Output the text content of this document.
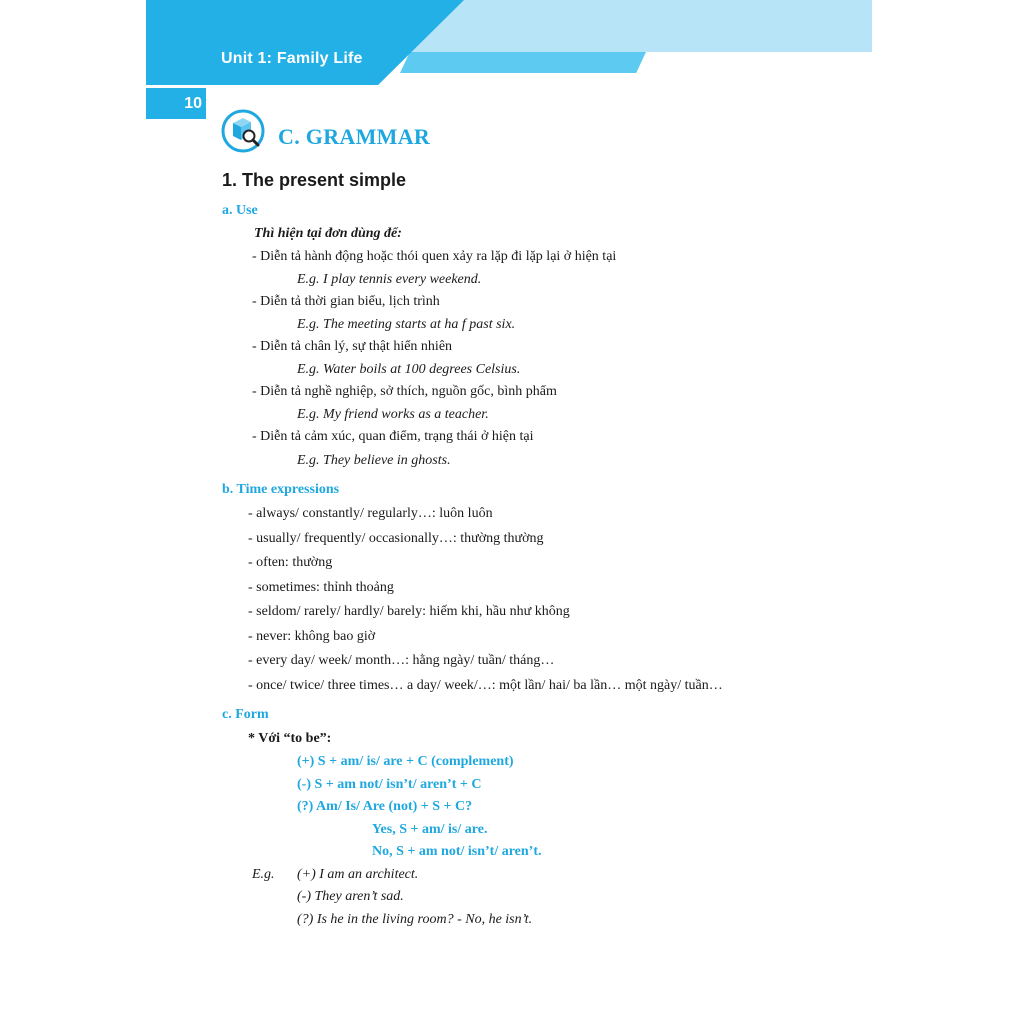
Unit 1: Family Life
10
C. GRAMMAR
1. The present simple
a. Use
Thì hiện tại đơn dùng để:
- Diễn tả hành động hoặc thói quen xảy ra lặp đi lặp lại ở hiện tại
E.g. I play tennis every weekend.
- Diễn tả thời gian biểu, lịch trình
E.g. The meeting starts at ha f past six.
- Diễn tả chân lý, sự thật hiển nhiên
E.g. Water boils at 100 degrees Celsius.
- Diễn tả nghề nghiệp, sở thích, nguồn gốc, bình phẩm
E.g. My friend works as a teacher.
- Diễn tả cảm xúc, quan điểm, trạng thái ở hiện tại
E.g. They believe in ghosts.
b. Time expressions
- always/ constantly/ regularly…: luôn luôn
- usually/ frequently/ occasionally…: thường thường
- often: thường
- sometimes: thỉnh thoảng
- seldom/ rarely/ hardly/ barely: hiếm khi, hầu như không
- never: không bao giờ
- every day/ week/ month…: hằng ngày/ tuần/ tháng…
- once/ twice/ three times… a day/ week/…: một lần/ hai/ ba lần… một ngày/ tuần…
c. Form
* Với “to be”:
(+) S + am/ is/ are + C (complement)
(-) S + am not/ isn’t/ aren’t + C
(?) Am/ Is/ Are (not) + S + C?
Yes, S + am/ is/ are.
No, S + am not/ isn’t/ aren’t.
E.g. (+) I am an architect.
(-) They aren’t sad.
(?) Is he in the living room? - No, he isn’t.
